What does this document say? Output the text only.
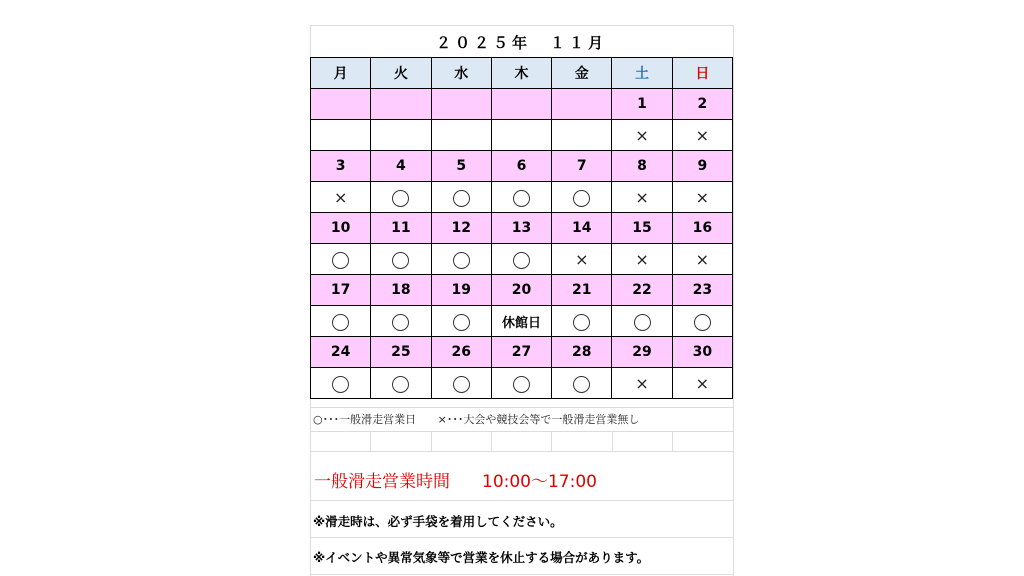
２０２５年　１１月
月	火	水	木	金	土	日
					1	2
					×	×
3	4	5	6	7	8	9
×					×	×
10	11	12	13	14	15	16
				×	×	×
17	18	19	20	21	22	23
			休館日			
24	25	26	27	28	29	30
					×	×
○･･･一般滑走営業日 ×･･･大会や競技会等で一般滑走営業無し
一般滑走営業時間 10:00～17:00
※滑走時は、必ず手袋を着用してください。
※イベントや異常気象等で営業を休止する場合があります。
